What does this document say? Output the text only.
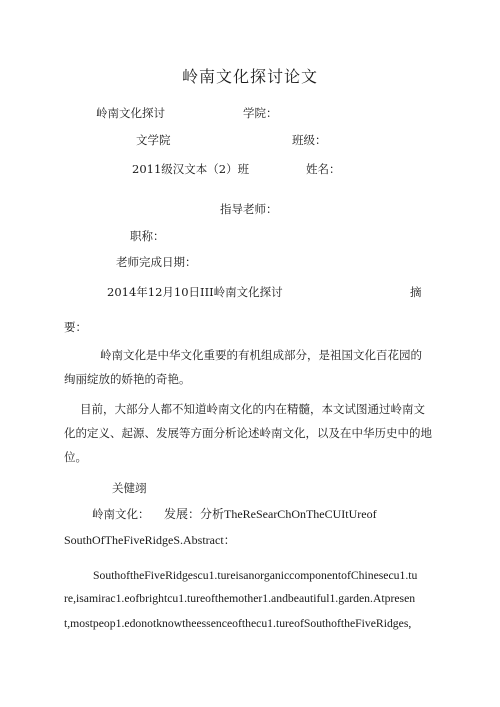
岭南文化探讨论文
岭南文化探讨	学院：
文学院	班级：
2011级汉文本（2）班	姓名：
指导老师：
职称：
老师完成日期：
2014年12月10日III岭南文化探讨	摘
要：
岭南文化是中华文化重要的有机组成部分，是祖国文化百花园的绚丽绽放的娇艳的奇艳。
目前，大部分人都不知道岭南文化的内在精髓，本文试图通过岭南文化的定义、起源、发展等方面分析论述岭南文化，以及在中华历史中的地位。
关健翊
岭南文化： 发展：分析TheReSearChOnTheCUItUreof
SouthOfTheFiveRidgeS.Abstract：
SouthoftheFiveRidgescu1.tureisanorganiccomponentofChinesecu1.tu
re,isamirac1.eofbrightcu1.tureofthemother1.andbeautiful1.garden.Atpresen
t,mostpeop1.edonotknowtheessenceofthecu1.tureofSouthoftheFiveRidges,
